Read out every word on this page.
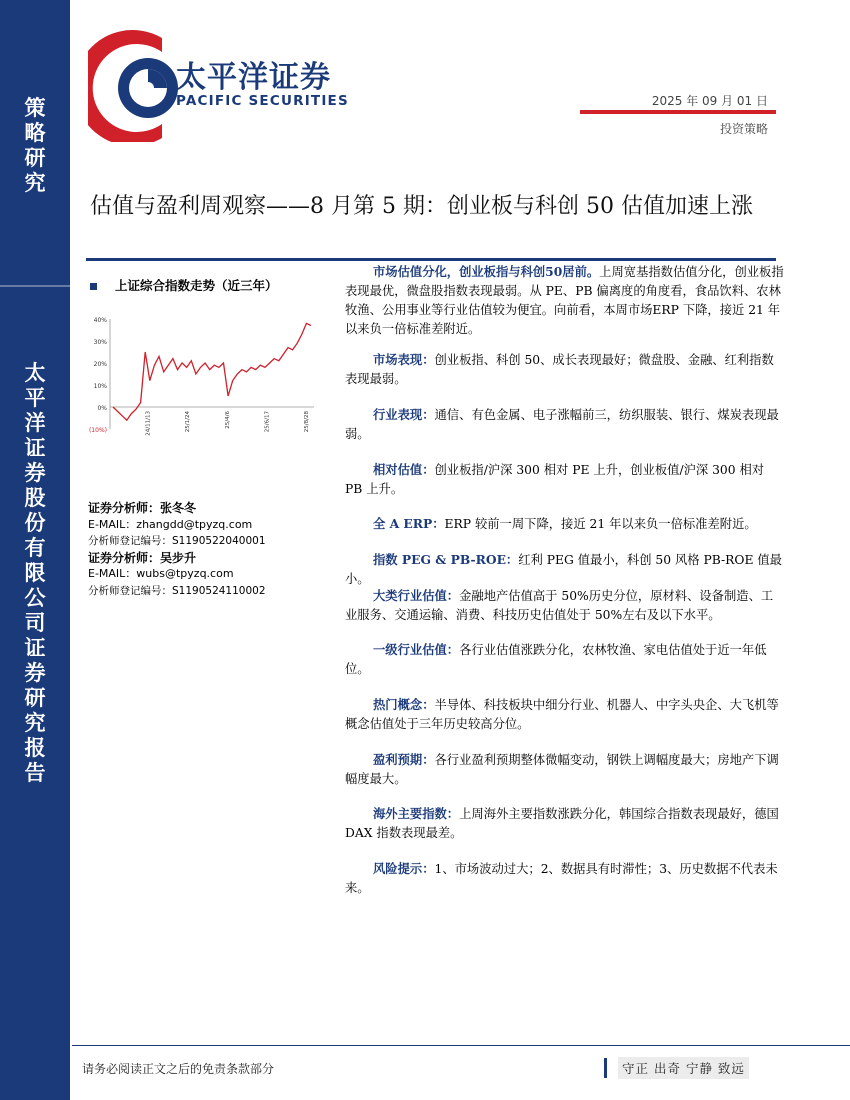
策
略
研
究
太
平
洋
证
券
股
份
有
限
公
司
证
券
研
究
报
告
太平洋证券
PACIFIC SECURITIES	2025 年 09 月 01 日
投资策略
估值与盈利周观察——8 月第 5 期：创业板与科创 50 估值加速上涨
上证综合指数走势（近三年）
40%
30%
20%
10%
0%
(10%)	24/11/13	25/1/24	25/4/6	25/6/17	25/8/28
证券分析师：张冬冬
E-MAIL：zhangdd@tpyzq.com
分析师登记编号：S1190522040001
证券分析师：吴步升
E-MAIL：wubs@tpyzq.com
分析师登记编号：S1190524110002
市场估值分化，创业板指与科创50居前。上周宽基指数估值分化，创业板指表现最优，微盘股指数表现最弱。从 PE、PB 偏离度的角度看，食品饮料、农林牧渔、公用事业等行业估值较为便宜。向前看，本周市场ERP 下降，接近 21 年以来负一倍标准差附近。
市场表现：创业板指、科创 50、成长表现最好；微盘股、金融、红利指数表现最弱。
行业表现：通信、有色金属、电子涨幅前三，纺织服装、银行、煤炭表现最弱。
相对估值：创业板指/沪深 300 相对 PE 上升，创业板值/沪深 300 相对 PB 上升。
全 A ERP：ERP 较前一周下降，接近 21 年以来负一倍标准差附近。
指数 PEG & PB-ROE：红利 PEG 值最小，科创 50 风格 PB-ROE 值最小。
大类行业估值：金融地产估值高于 50%历史分位，原材料、设备制造、工业服务、交通运输、消费、科技历史估值处于 50%左右及以下水平。
一级行业估值：各行业估值涨跌分化，农林牧渔、家电估值处于近一年低位。
热门概念：半导体、科技板块中细分行业、机器人、中字头央企、大飞机等概念估值处于三年历史较高分位。
盈利预期：各行业盈利预期整体微幅变动，钢铁上调幅度最大；房地产下调幅度最大。
海外主要指数：上周海外主要指数涨跌分化，韩国综合指数表现最好，德国DAX 指数表现最差。
风险提示：1、市场波动过大；2、数据具有时滞性；3、历史数据不代表未来。
请务必阅读正文之后的免责条款部分	守正 出奇 宁静 致远
